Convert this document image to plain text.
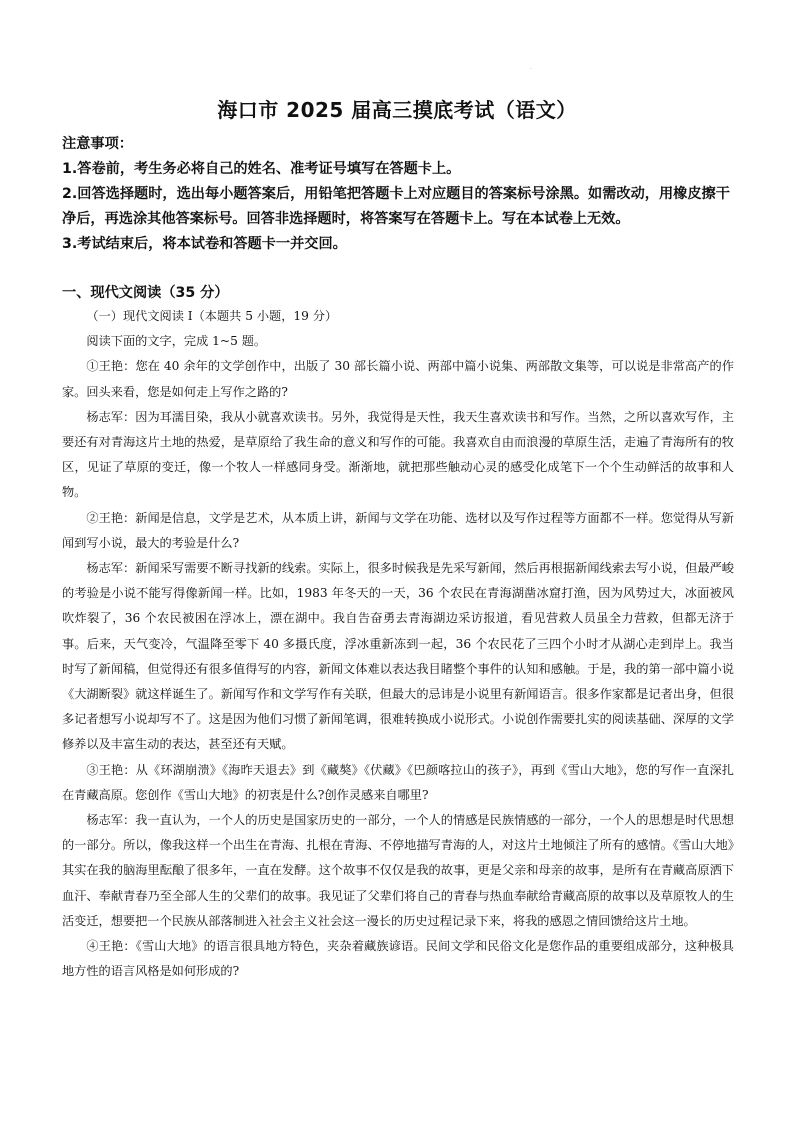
·
海口市 2025 届高三摸底考试（语文）

注意事项：

1.答卷前，考生务必将自己的姓名、准考证号填写在答题卡上。

2.回答选择题时，选出每小题答案后，用铅笔把答题卡上对应题目的答案标号涂黑。如需改动，用橡皮擦干净后，再选涂其他答案标号。回答非选择题时，将答案写在答题卡上。写在本试卷上无效。

3.考试结束后，将本试卷和答题卡一并交回。

一、现代文阅读（35 分）

（一）现代文阅读 Ⅰ（本题共 5 小题，19 分）

阅读下面的文字，完成 1~5 题。

①王艳：您在 40 余年的文学创作中，出版了 30 部长篇小说、两部中篇小说集、两部散文集等，可以说是非常高产的作家。回头来看，您是如何走上写作之路的?

杨志军：因为耳濡目染，我从小就喜欢读书。另外，我觉得是天性，我天生喜欢读书和写作。当然，之所以喜欢写作，主要还有对青海这片土地的热爱，是草原给了我生命的意义和写作的可能。我喜欢自由而浪漫的草原生活，走遍了青海所有的牧区，见证了草原的变迁，像一个牧人一样感同身受。渐渐地，就把那些触动心灵的感受化成笔下一个个生动鲜活的故事和人物。

②王艳：新闻是信息，文学是艺术，从本质上讲，新闻与文学在功能、选材以及写作过程等方面都不一样。您觉得从写新闻到写小说，最大的考验是什么?

杨志军：新闻采写需要不断寻找新的线索。实际上，很多时候我是先采写新闻，然后再根据新闻线索去写小说，但最严峻的考验是小说不能写得像新闻一样。比如，1983 年冬天的一天，36 个农民在青海湖凿冰窟打渔，因为风势过大，冰面被风吹炸裂了，36 个农民被困在浮冰上，漂在湖中。我自告奋勇去青海湖边采访报道，看见营救人员虽全力营救，但都无济于事。后来，天气变冷，气温降至零下 40 多摄氏度，浮冰重新冻到一起，36 个农民花了三四个小时才从湖心走到岸上。我当时写了新闻稿，但觉得还有很多值得写的内容，新闻文体难以表达我目睹整个事件的认知和感触。于是，我的第一部中篇小说《大湖断裂》就这样诞生了。新闻写作和文学写作有关联，但最大的忌讳是小说里有新闻语言。很多作家都是记者出身，但很多记者想写小说却写不了。这是因为他们习惯了新闻笔调，很难转换成小说形式。小说创作需要扎实的阅读基础、深厚的文学修养以及丰富生动的表达，甚至还有天赋。

③王艳：从《环湖崩溃》《海昨天退去》到《藏獒》《伏藏》《巴颜喀拉山的孩子》，再到《雪山大地》，您的写作一直深扎在青藏高原。您创作《雪山大地》的初衷是什么?创作灵感来自哪里?

杨志军：我一直认为，一个人的历史是国家历史的一部分，一个人的情感是民族情感的一部分，一个人的思想是时代思想的一部分。所以，像我这样一个出生在青海、扎根在青海、不停地描写青海的人，对这片土地倾注了所有的感情。《雪山大地》其实在我的脑海里酝酿了很多年，一直在发酵。这个故事不仅仅是我的故事，更是父亲和母亲的故事，是所有在青藏高原洒下血汗、奉献青春乃至全部人生的父辈们的故事。我见证了父辈们将自己的青春与热血奉献给青藏高原的故事以及草原牧人的生活变迁，想要把一个民族从部落制进入社会主义社会这一漫长的历史过程记录下来，将我的感恩之情回馈给这片土地。

④王艳：《雪山大地》的语言很具地方特色，夹杂着藏族谚语。民间文学和民俗文化是您作品的重要组成部分，这种极具地方性的语言风格是如何形成的?
